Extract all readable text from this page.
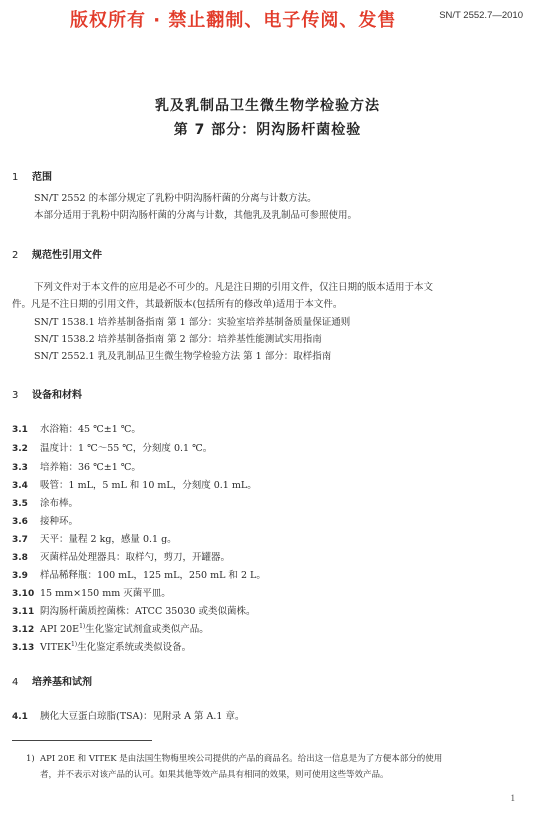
版权所有 · 禁止翻制、电子传阅、发售	SN/T 2552.7—2010
乳及乳制品卫生微生物学检验方法
第 7 部分：阴沟肠杆菌检验
1 范围
SN/T 2552 的本部分规定了乳粉中阴沟肠杆菌的分离与计数方法。
本部分适用于乳粉中阴沟肠杆菌的分离与计数，其他乳及乳制品可参照使用。
2 规范性引用文件
下列文件对于本文件的应用是必不可少的。凡是注日期的引用文件，仅注日期的版本适用于本文
件。凡是不注日期的引用文件，其最新版本(包括所有的修改单)适用于本文件。
SN/T 1538.1 培养基制备指南 第 1 部分：实验室培养基制备质量保证通则
SN/T 1538.2 培养基制备指南 第 2 部分：培养基性能测试实用指南
SN/T 2552.1 乳及乳制品卫生微生物学检验方法 第 1 部分：取样指南
3 设备和材料
3.1 水浴箱：45 ℃±1 ℃。
3.2 温度计：1 ℃～55 ℃，分刻度 0.1 ℃。
3.3 培养箱：36 ℃±1 ℃。
3.4 吸管：1 mL，5 mL 和 10 mL，分刻度 0.1 mL。
3.5 涂布棒。
3.6 接种环。
3.7 天平：量程 2 kg，感量 0.1 g。
3.8 灭菌样品处理器具：取样勺，剪刀，开罐器。
3.9 样品稀释瓶：100 mL，125 mL，250 mL 和 2 L。
3.10 15 mm×150 mm 灭菌平皿。
3.11 阴沟肠杆菌质控菌株：ATCC 35030 或类似菌株。
3.12 API $20E^{1)}$生化鉴定试剂盒或类似产品。
3.13 VITEK$^{1)}$生化鉴定系统或类似设备。
4 培养基和试剂
4.1 胰化大豆蛋白琼脂(TSA)：见附录 A 第 A.1 章。
1) API 20E 和 VITEK 是由法国生物梅里埃公司提供的产品的商品名。给出这一信息是为了方便本部分的使用
者，并不表示对该产品的认可。如果其他等效产品具有相同的效果，则可使用这些等效产品。
1
